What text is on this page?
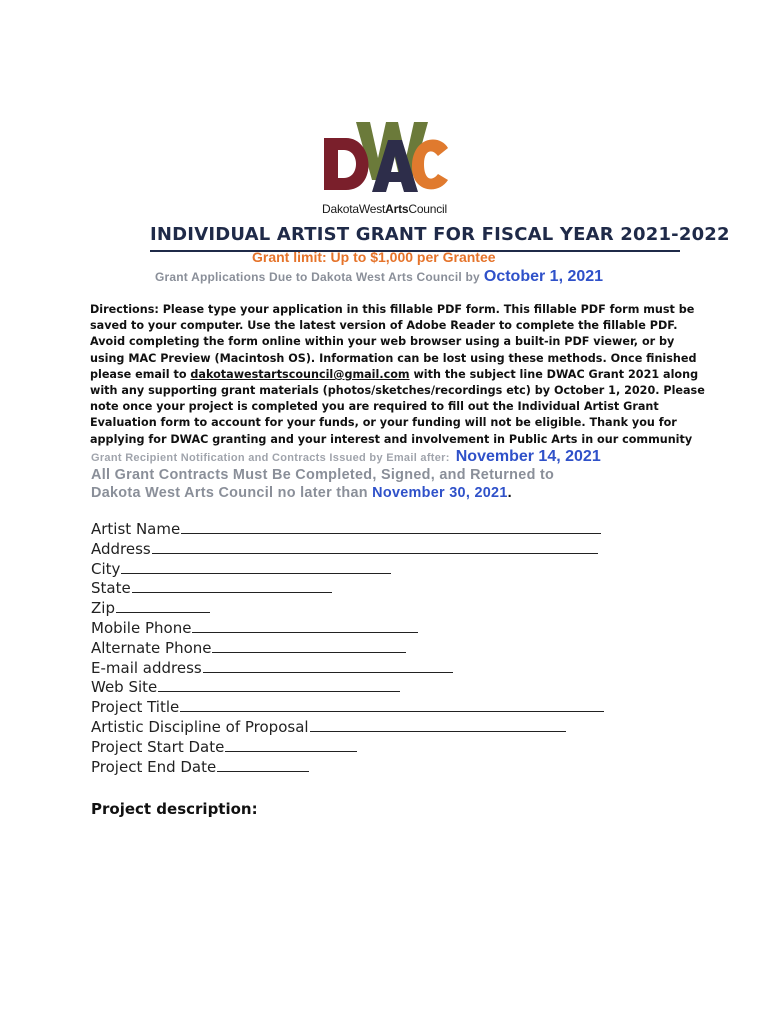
DakotaWestArtsCouncil
INDIVIDUAL ARTIST GRANT FOR FISCAL YEAR 2021-2022
Grant limit: Up to $1,000 per Grantee
Grant Applications Due to Dakota West Arts Council by October 1, 2021
Directions: Please type your application in this fillable PDF form. This fillable PDF form must be
saved to your computer. Use the latest version of Adobe Reader to complete the fillable PDF.
Avoid completing the form online within your web browser using a built-in PDF viewer, or by
using MAC Preview (Macintosh OS). Information can be lost using these methods. Once finished
please email to dakotawestartscouncil@gmail.com with the subject line DWAC Grant 2021 along
with any supporting grant materials (photos/sketches/recordings etc) by October 1, 2020. Please
note once your project is completed you are required to fill out the Individual Artist Grant
Evaluation form to account for your funds, or your funding will not be eligible. Thank you for
applying for DWAC granting and your interest and involvement in Public Arts in our community
Grant Recipient Notification and Contracts Issued by Email after: November 14, 2021
All Grant Contracts Must Be Completed, Signed, and Returned to
Dakota West Arts Council no later than November 30, 2021.
Artist Name
Address
City
State
Zip
Mobile Phone
Alternate Phone
E-mail address
Web Site
Project Title
Artistic Discipline of Proposal
Project Start Date
Project End Date
Project description:
